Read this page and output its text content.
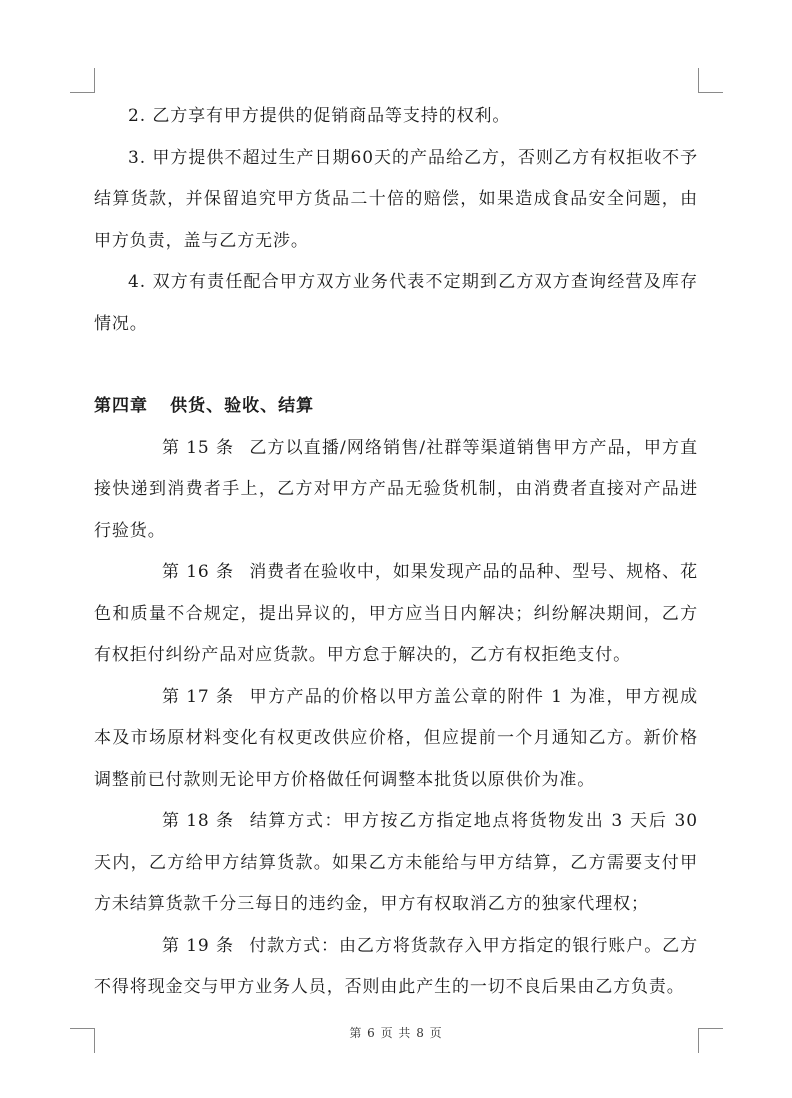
2. 乙方享有甲方提供的促销商品等支持的权利。

3. 甲方提供不超过生产日期60天的产品给乙方，否则乙方有权拒收不予结算货款，并保留追究甲方货品二十倍的赔偿，如果造成食品安全问题，由甲方负责，盖与乙方无涉。

4. 双方有责任配合甲方双方业务代表不定期到乙方双方查询经营及库存情况。

第四章 供货、验收、结算

第 15 条 乙方以直播/网络销售/社群等渠道销售甲方产品，甲方直接快递到消费者手上，乙方对甲方产品无验货机制，由消费者直接对产品进行验货。

第 16 条 消费者在验收中，如果发现产品的品种、型号、规格、花色和质量不合规定，提出异议的，甲方应当日内解决；纠纷解决期间，乙方有权拒付纠纷产品对应货款。甲方怠于解决的，乙方有权拒绝支付。

第 17 条 甲方产品的价格以甲方盖公章的附件 1 为准，甲方视成本及市场原材料变化有权更改供应价格，但应提前一个月通知乙方。新价格调整前已付款则无论甲方价格做任何调整本批货以原供价为准。

第 18 条 结算方式：甲方按乙方指定地点将货物发出 3 天后 30 天内，乙方给甲方结算货款。如果乙方未能给与甲方结算，乙方需要支付甲方未结算货款千分三每日的违约金，甲方有权取消乙方的独家代理权；

第 19 条 付款方式：由乙方将货款存入甲方指定的银行账户。乙方不得将现金交与甲方业务人员，否则由此产生的一切不良后果由乙方负责。

第 6 页 共 8 页
